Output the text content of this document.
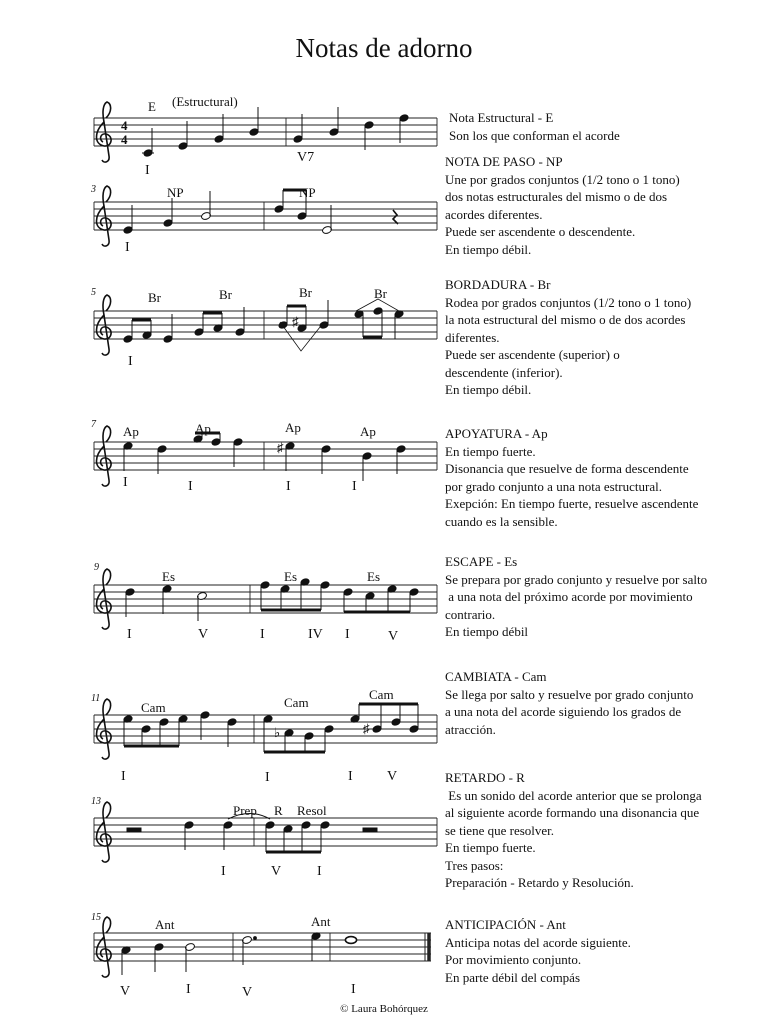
Notas de adorno
Nota Estructural - E
Son los que conforman el acorde
NOTA DE PASO - NP
Une por grados conjuntos (1/2 tono o 1 tono)
dos notas estructurales del mismo o de dos
acordes diferentes.
Puede ser ascendente o descendente.
En tiempo débil.
BORDADURA - Br
Rodea por grados conjuntos (1/2 tono o 1 tono)
la nota estructural del mismo o de dos acordes
diferentes.
Puede ser ascendente (superior) o
descendente (inferior).
En tiempo débil.
APOYATURA - Ap
En tiempo fuerte.
Disonancia que resuelve de forma descendente
por grado conjunto a una nota estructural.
Exepción: En tiempo fuerte, resuelve ascendente
cuando es la sensible.
ESCAPE - Es
Se prepara por grado conjunto y resuelve por salto
a una nota del próximo acorde por movimiento
contrario.
En tiempo débil
CAMBIATA - Cam
Se llega por salto y resuelve por grado conjunto
a una nota del acorde siguiendo los grados de
atracción.
RETARDO - R
Es un sonido del acorde anterior que se prolonga
al siguiente acorde formando una disonancia que
se tiene que resolver.
En tiempo fuerte.
Tres pasos:
Preparación - Retardo y Resolución.
ANTICIPACIÓN - Ant
Anticipa notas del acorde siguiente.
Por movimiento conjunto.
En parte débil del compás
4
4
E (Estructural)
I
V7
3	NP	NP
I
5
♯
Br	Br	Br	Br
I
7
♯
Ap	Ap	Ap	Ap
I	I	I	I
9
Es	Es	Es
I	V	I	IV I	V
11
♭	♯
Cam	Cam
Cam
I	I	I V
13
Prep R Resol
I	V	I
15	Ant	Ant
V	I	V	I
© Laura Bohórquez
